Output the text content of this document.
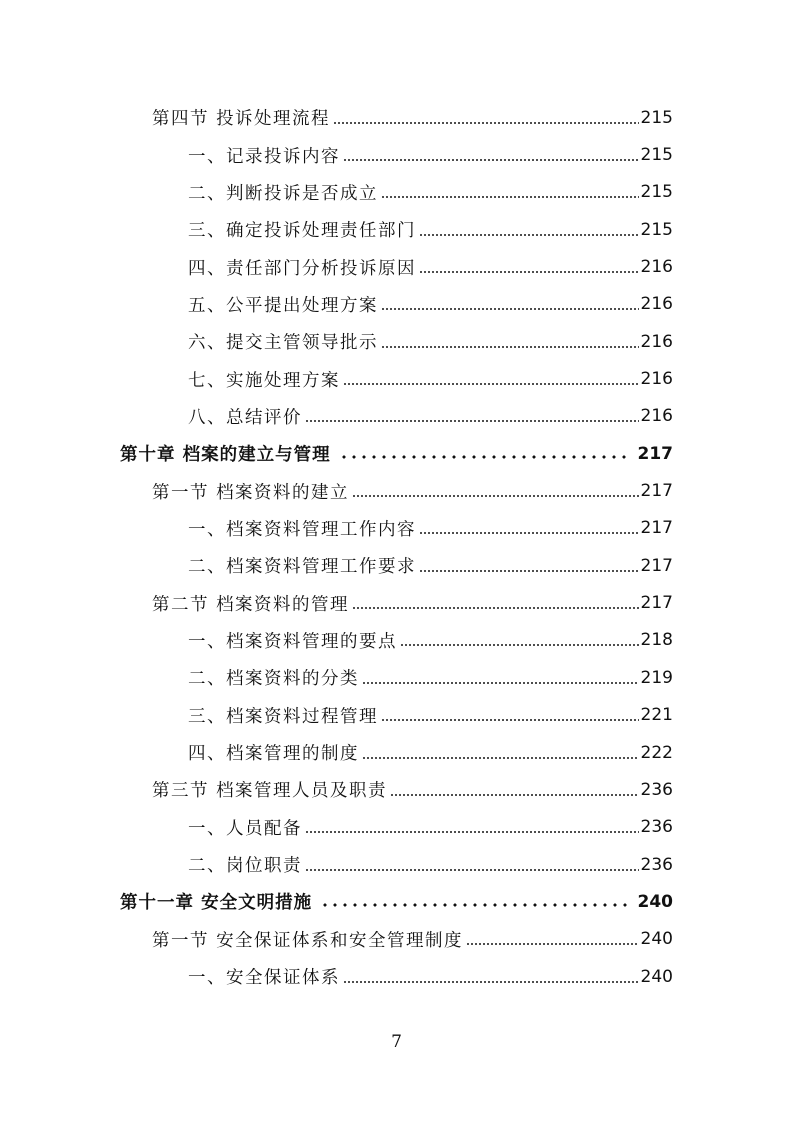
第四节 投诉处理流程	215
一、记录投诉内容	215
二、判断投诉是否成立	215
三、确定投诉处理责任部门	215
四、责任部门分析投诉原因	216
五、公平提出处理方案	216
六、提交主管领导批示	216
七、实施处理方案	216
八、总结评价	216
第十章 档案的建立与管理	217
第一节 档案资料的建立	217
一、档案资料管理工作内容	217
二、档案资料管理工作要求	217
第二节 档案资料的管理	217
一、档案资料管理的要点	218
二、档案资料的分类	219
三、档案资料过程管理	221
四、档案管理的制度	222
第三节 档案管理人员及职责	236
一、人员配备	236
二、岗位职责	236
第十一章 安全文明措施	240
第一节 安全保证体系和安全管理制度	240
一、安全保证体系	240
7
